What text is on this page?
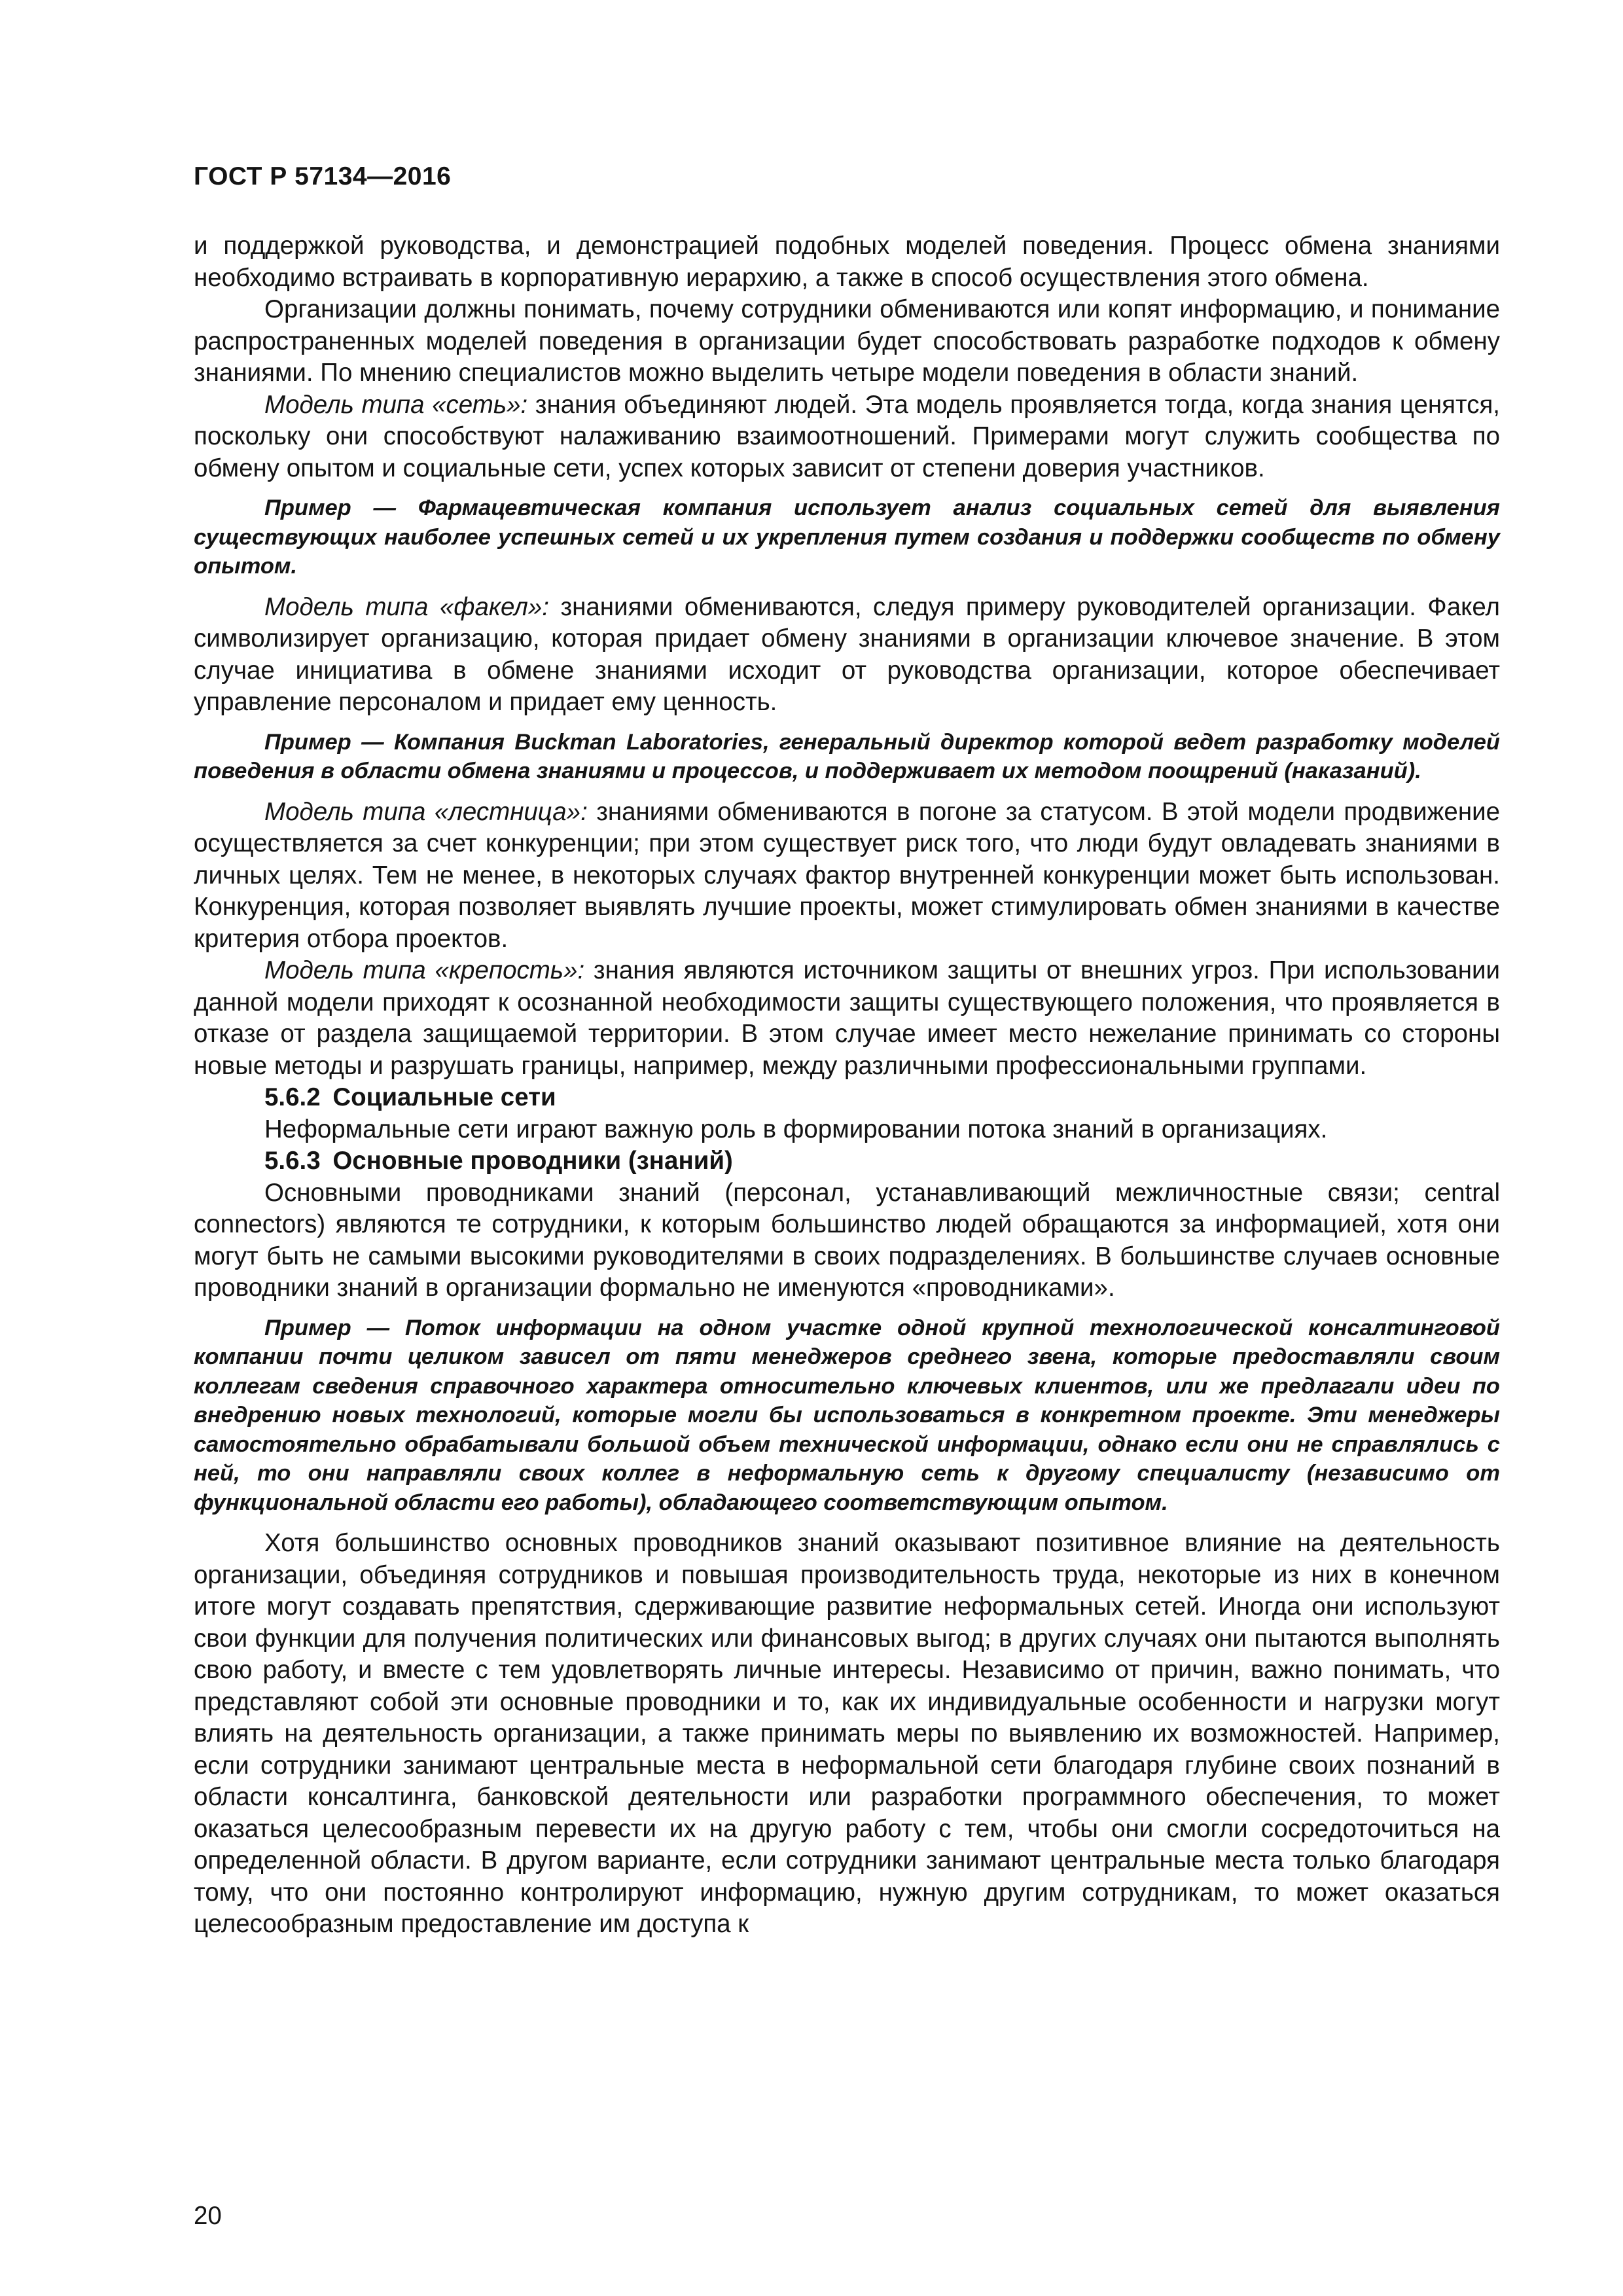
ГОСТ Р 57134—2016

и поддержкой руководства, и демонстрацией подобных моделей поведения. Процесс обмена знаниями необходимо встраивать в корпоративную иерархию, а также в способ осуществления этого обмена.

Организации должны понимать, почему сотрудники обмениваются или копят информацию, и понимание распространенных моделей поведения в организации будет способствовать разработке подходов к обмену знаниями. По мнению специалистов можно выделить четыре модели поведения в области знаний.

Модель типа «сеть»: знания объединяют людей. Эта модель проявляется тогда, когда знания ценятся, поскольку они способствуют налаживанию взаимоотношений. Примерами могут служить сообщества по обмену опытом и социальные сети, успех которых зависит от степени доверия участников.

Пример — Фармацевтическая компания использует анализ социальных сетей для выявления существующих наиболее успешных сетей и их укрепления путем создания и поддержки сообществ по обмену опытом.

Модель типа «факел»: знаниями обмениваются, следуя примеру руководителей организации. Факел символизирует организацию, которая придает обмену знаниями в организации ключевое значение. В этом случае инициатива в обмене знаниями исходит от руководства организации, которое обеспечивает управление персоналом и придает ему ценность.

Пример — Компания Buckman Laboratories, генеральный директор которой ведет разработку моделей поведения в области обмена знаниями и процессов, и поддерживает их методом поощрений (наказаний).

Модель типа «лестница»: знаниями обмениваются в погоне за статусом. В этой модели продвижение осуществляется за счет конкуренции; при этом существует риск того, что люди будут овладевать знаниями в личных целях. Тем не менее, в некоторых случаях фактор внутренней конкуренции может быть использован. Конкуренция, которая позволяет выявлять лучшие проекты, может стимулировать обмен знаниями в качестве критерия отбора проектов.

Модель типа «крепость»: знания являются источником защиты от внешних угроз. При использовании данной модели приходят к осознанной необходимости защиты существующего положения, что проявляется в отказе от раздела защищаемой территории. В этом случае имеет место нежелание принимать со стороны новые методы и разрушать границы, например, между различными профессиональными группами.

5.6.2 Социальные сети

Неформальные сети играют важную роль в формировании потока знаний в организациях.

5.6.3 Основные проводники (знаний)

Основными проводниками знаний (персонал, устанавливающий межличностные связи; central connectors) являются те сотрудники, к которым большинство людей обращаются за информацией, хотя они могут быть не самыми высокими руководителями в своих подразделениях. В большинстве случаев основные проводники знаний в организации формально не именуются «проводниками».

Пример — Поток информации на одном участке одной крупной технологической консалтинговой компании почти целиком зависел от пяти менеджеров среднего звена, которые предоставляли своим коллегам сведения справочного характера относительно ключевых клиентов, или же предлагали идеи по внедрению новых технологий, которые могли бы использоваться в конкретном проекте. Эти менеджеры самостоятельно обрабатывали большой объем технической информации, однако если они не справлялись с ней, то они направляли своих коллег в неформальную сеть к другому специалисту (независимо от функциональной области его работы), обладающего соответствующим опытом.

Хотя большинство основных проводников знаний оказывают позитивное влияние на деятельность организации, объединяя сотрудников и повышая производительность труда, некоторые из них в конечном итоге могут создавать препятствия, сдерживающие развитие неформальных сетей. Иногда они используют свои функции для получения политических или финансовых выгод; в других случаях они пытаются выполнять свою работу, и вместе с тем удовлетворять личные интересы. Независимо от причин, важно понимать, что представляют собой эти основные проводники и то, как их индивидуальные особенности и нагрузки могут влиять на деятельность организации, а также принимать меры по выявлению их возможностей. Например, если сотрудники занимают центральные места в неформальной сети благодаря глубине своих познаний в области консалтинга, банковской деятельности или разработки программного обеспечения, то может оказаться целесообразным перевести их на другую работу с тем, чтобы они смогли сосредоточиться на определенной области. В другом варианте, если сотрудники занимают центральные места только благодаря тому, что они постоянно контролируют информацию, нужную другим сотрудникам, то может оказаться целесообразным предоставление им доступа к

20
